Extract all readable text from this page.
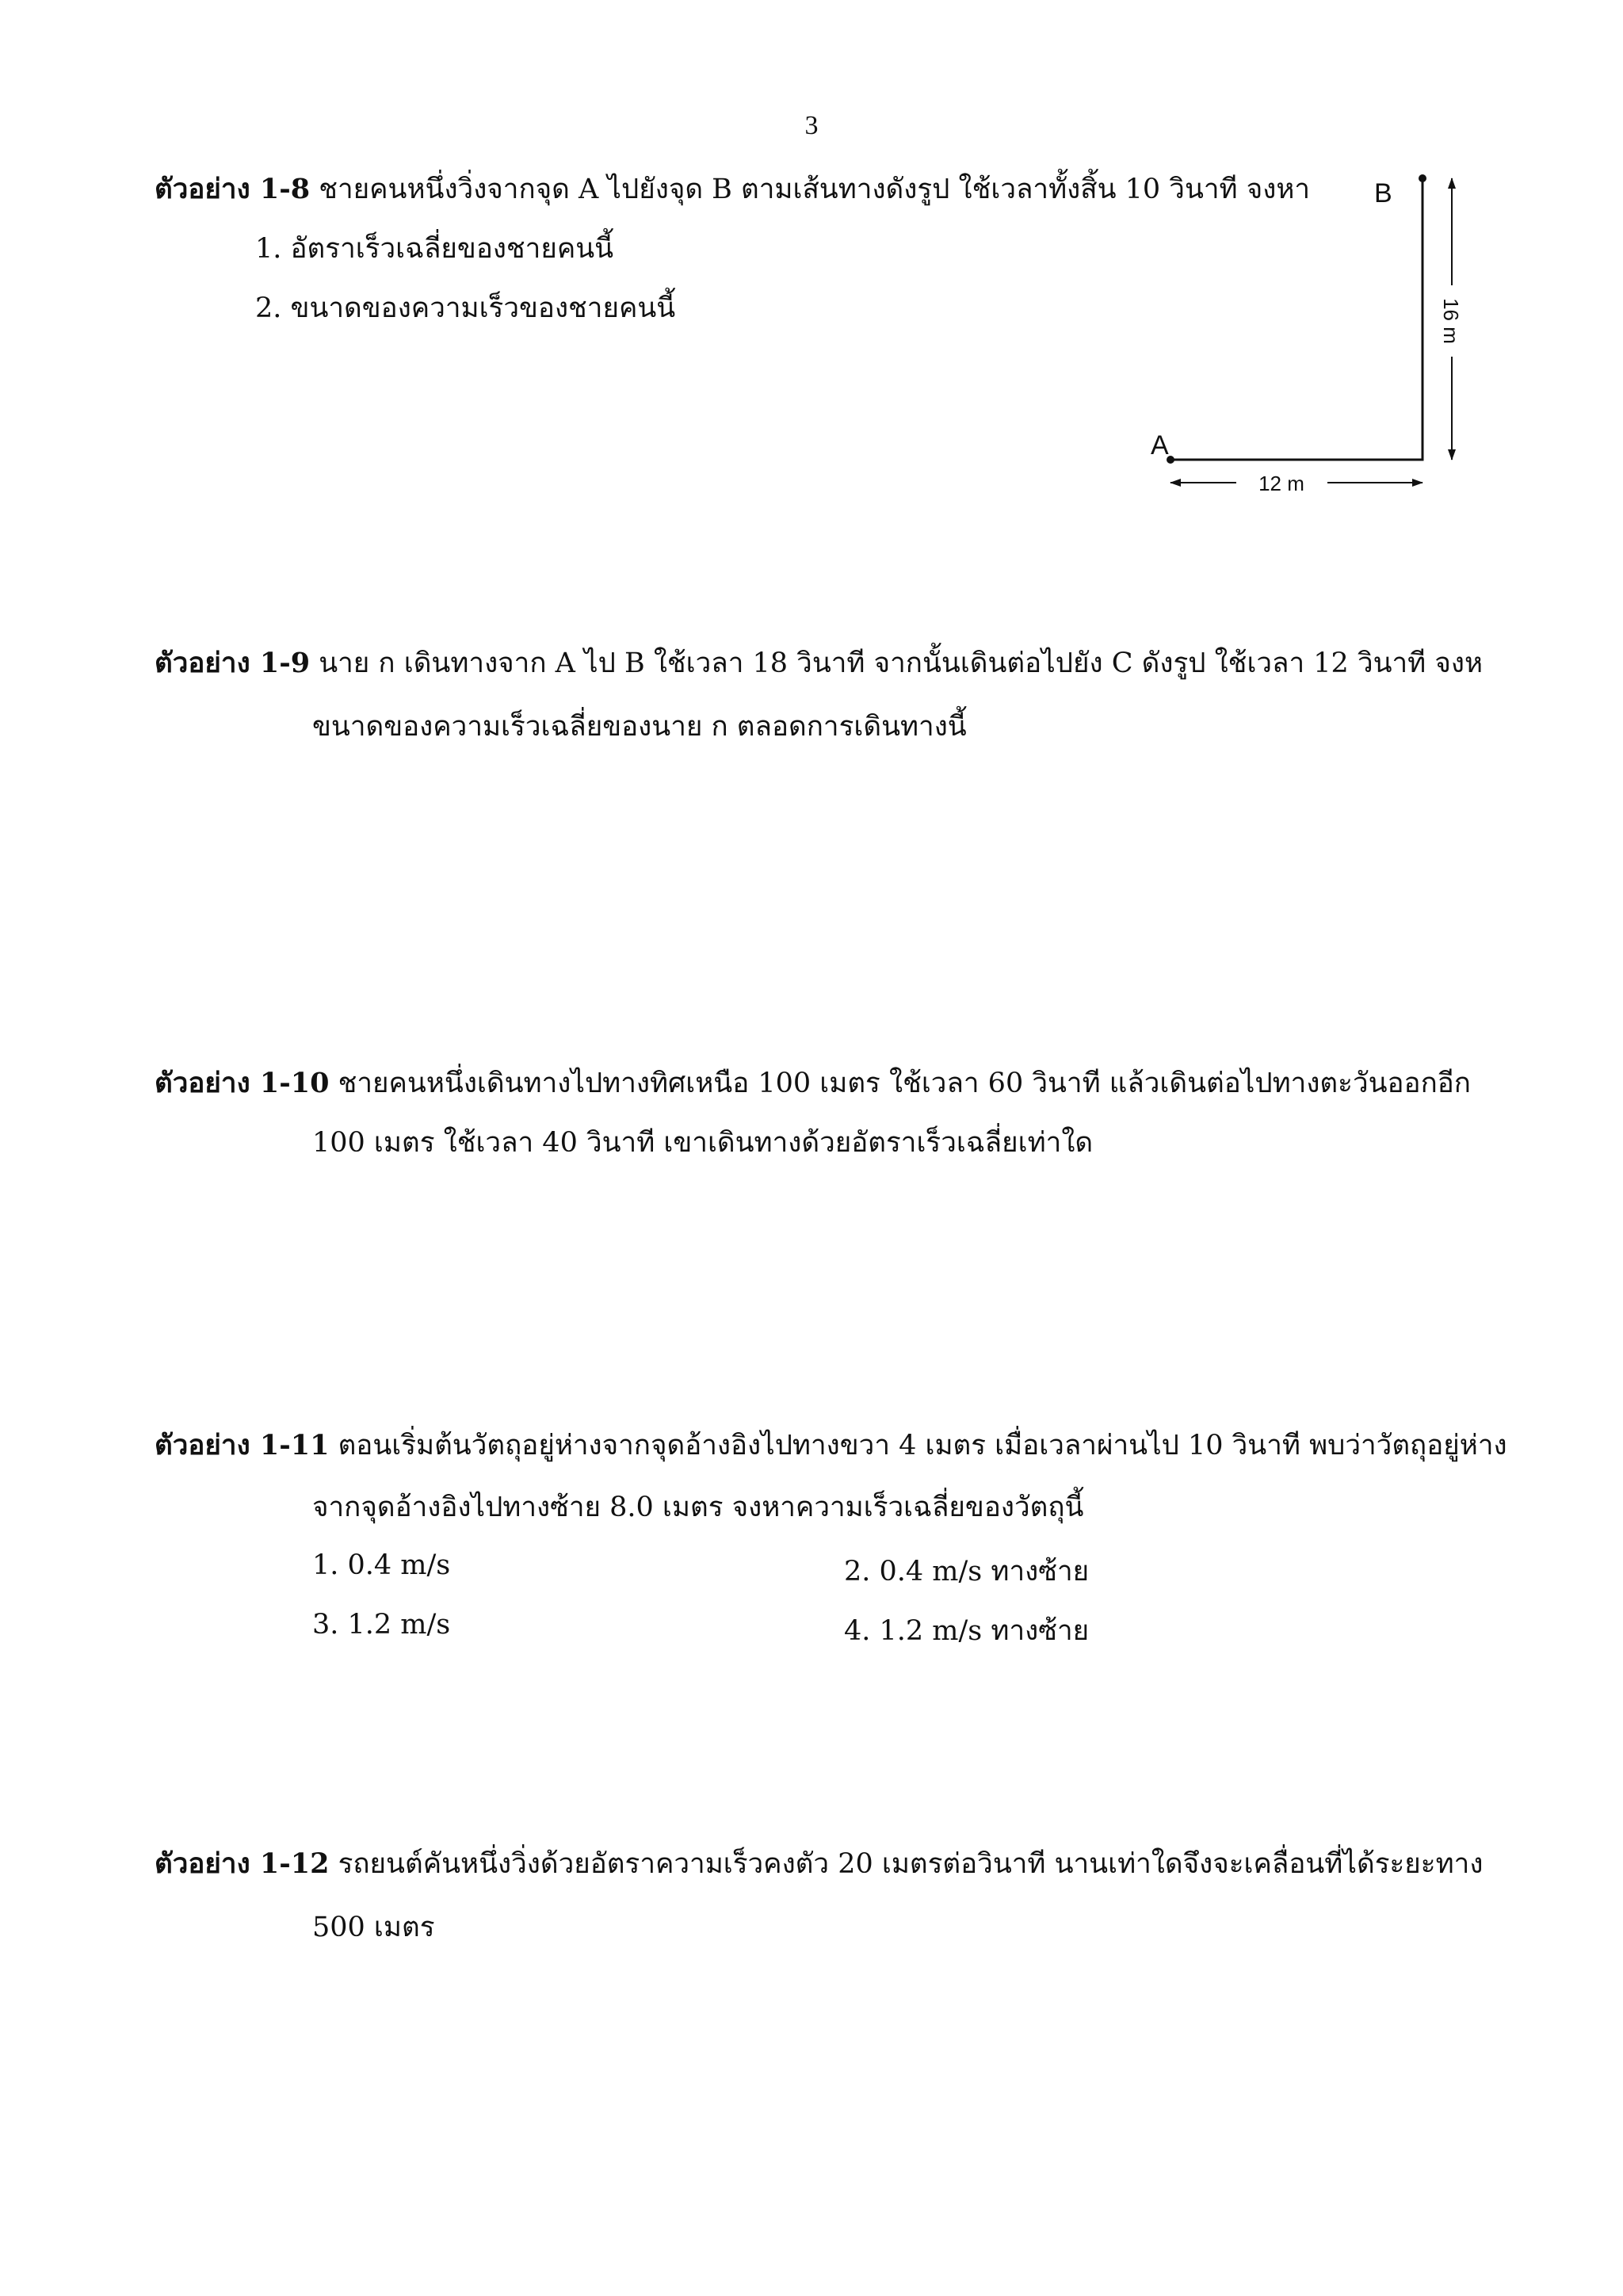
3
ตัวอย่าง 1-8 ชายคนหนึ่งวิ่งจากจุด A ไปยังจุด B ตามเส้นทางดังรูป ใช้เวลาทั้งสิ้น 10 วินาที จงหา
1. อัตราเร็วเฉลี่ยของชายคนนี้
2. ขนาดของความเร็วของชายคนนี้
A
B
12 m
16 m
ตัวอย่าง 1-9 นาย ก เดินทางจาก A ไป B ใช้เวลา 18 วินาที จากนั้นเดินต่อไปยัง C ดังรูป ใช้เวลา 12 วินาที จงห
ขนาดของความเร็วเฉลี่ยของนาย ก ตลอดการเดินทางนี้
ตัวอย่าง 1-10 ชายคนหนึ่งเดินทางไปทางทิศเหนือ 100 เมตร ใช้เวลา 60 วินาที แล้วเดินต่อไปทางตะวันออกอีก
100 เมตร ใช้เวลา 40 วินาที เขาเดินทางด้วยอัตราเร็วเฉลี่ยเท่าใด
ตัวอย่าง 1-11 ตอนเริ่มต้นวัตถุอยู่ห่างจากจุดอ้างอิงไปทางขวา 4 เมตร เมื่อเวลาผ่านไป 10 วินาที พบว่าวัตถุอยู่ห่าง
จากจุดอ้างอิงไปทางซ้าย 8.0 เมตร จงหาความเร็วเฉลี่ยของวัตถุนี้
1. 0.4 m/s	2. 0.4 m/s ทางซ้าย
3. 1.2 m/s	4. 1.2 m/s ทางซ้าย
ตัวอย่าง 1-12 รถยนต์คันหนึ่งวิ่งด้วยอัตราความเร็วคงตัว 20 เมตรต่อวินาที นานเท่าใดจึงจะเคลื่อนที่ได้ระยะทาง
500 เมตร
